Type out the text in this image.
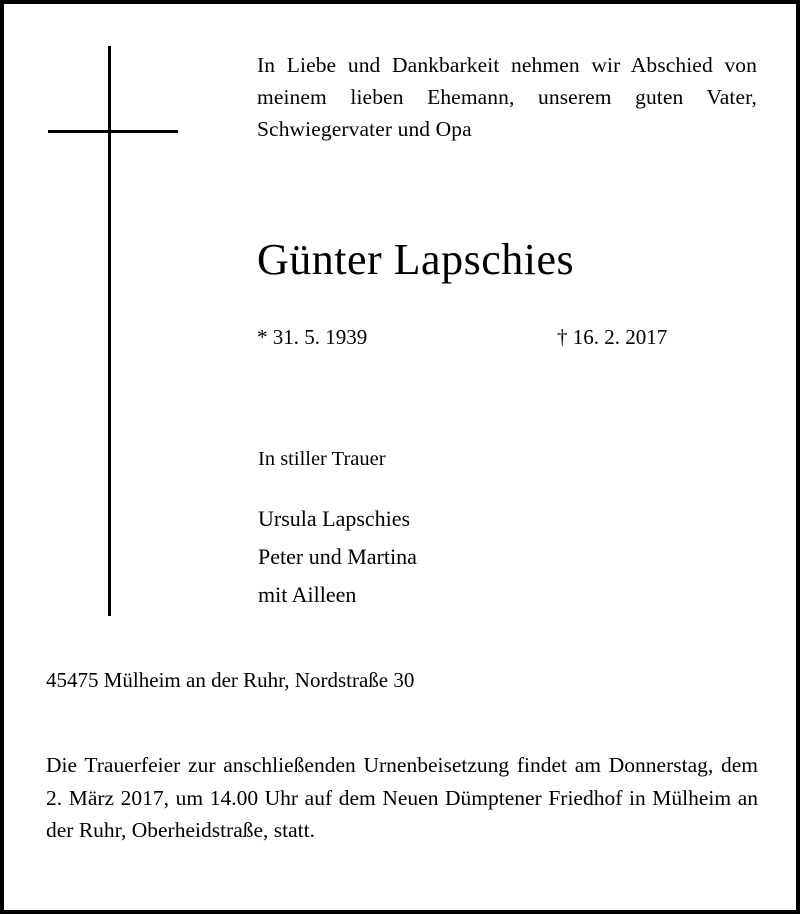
In Liebe und Dankbarkeit nehmen wir Abschied von meinem lieben Ehemann, unserem guten Vater, Schwiegervater und Opa
Günter Lapschies
* 31. 5. 1939	† 16. 2. 2017
In stiller Trauer
Ursula Lapschies
Peter und Martina
mit Ailleen
45475 Mülheim an der Ruhr, Nordstraße 30
Die Trauerfeier zur anschließenden Urnenbeisetzung findet am Donnerstag, dem 2. März 2017, um 14.00 Uhr auf dem Neuen Dümptener Friedhof in Mülheim an der Ruhr, Oberheidstraße, statt.
